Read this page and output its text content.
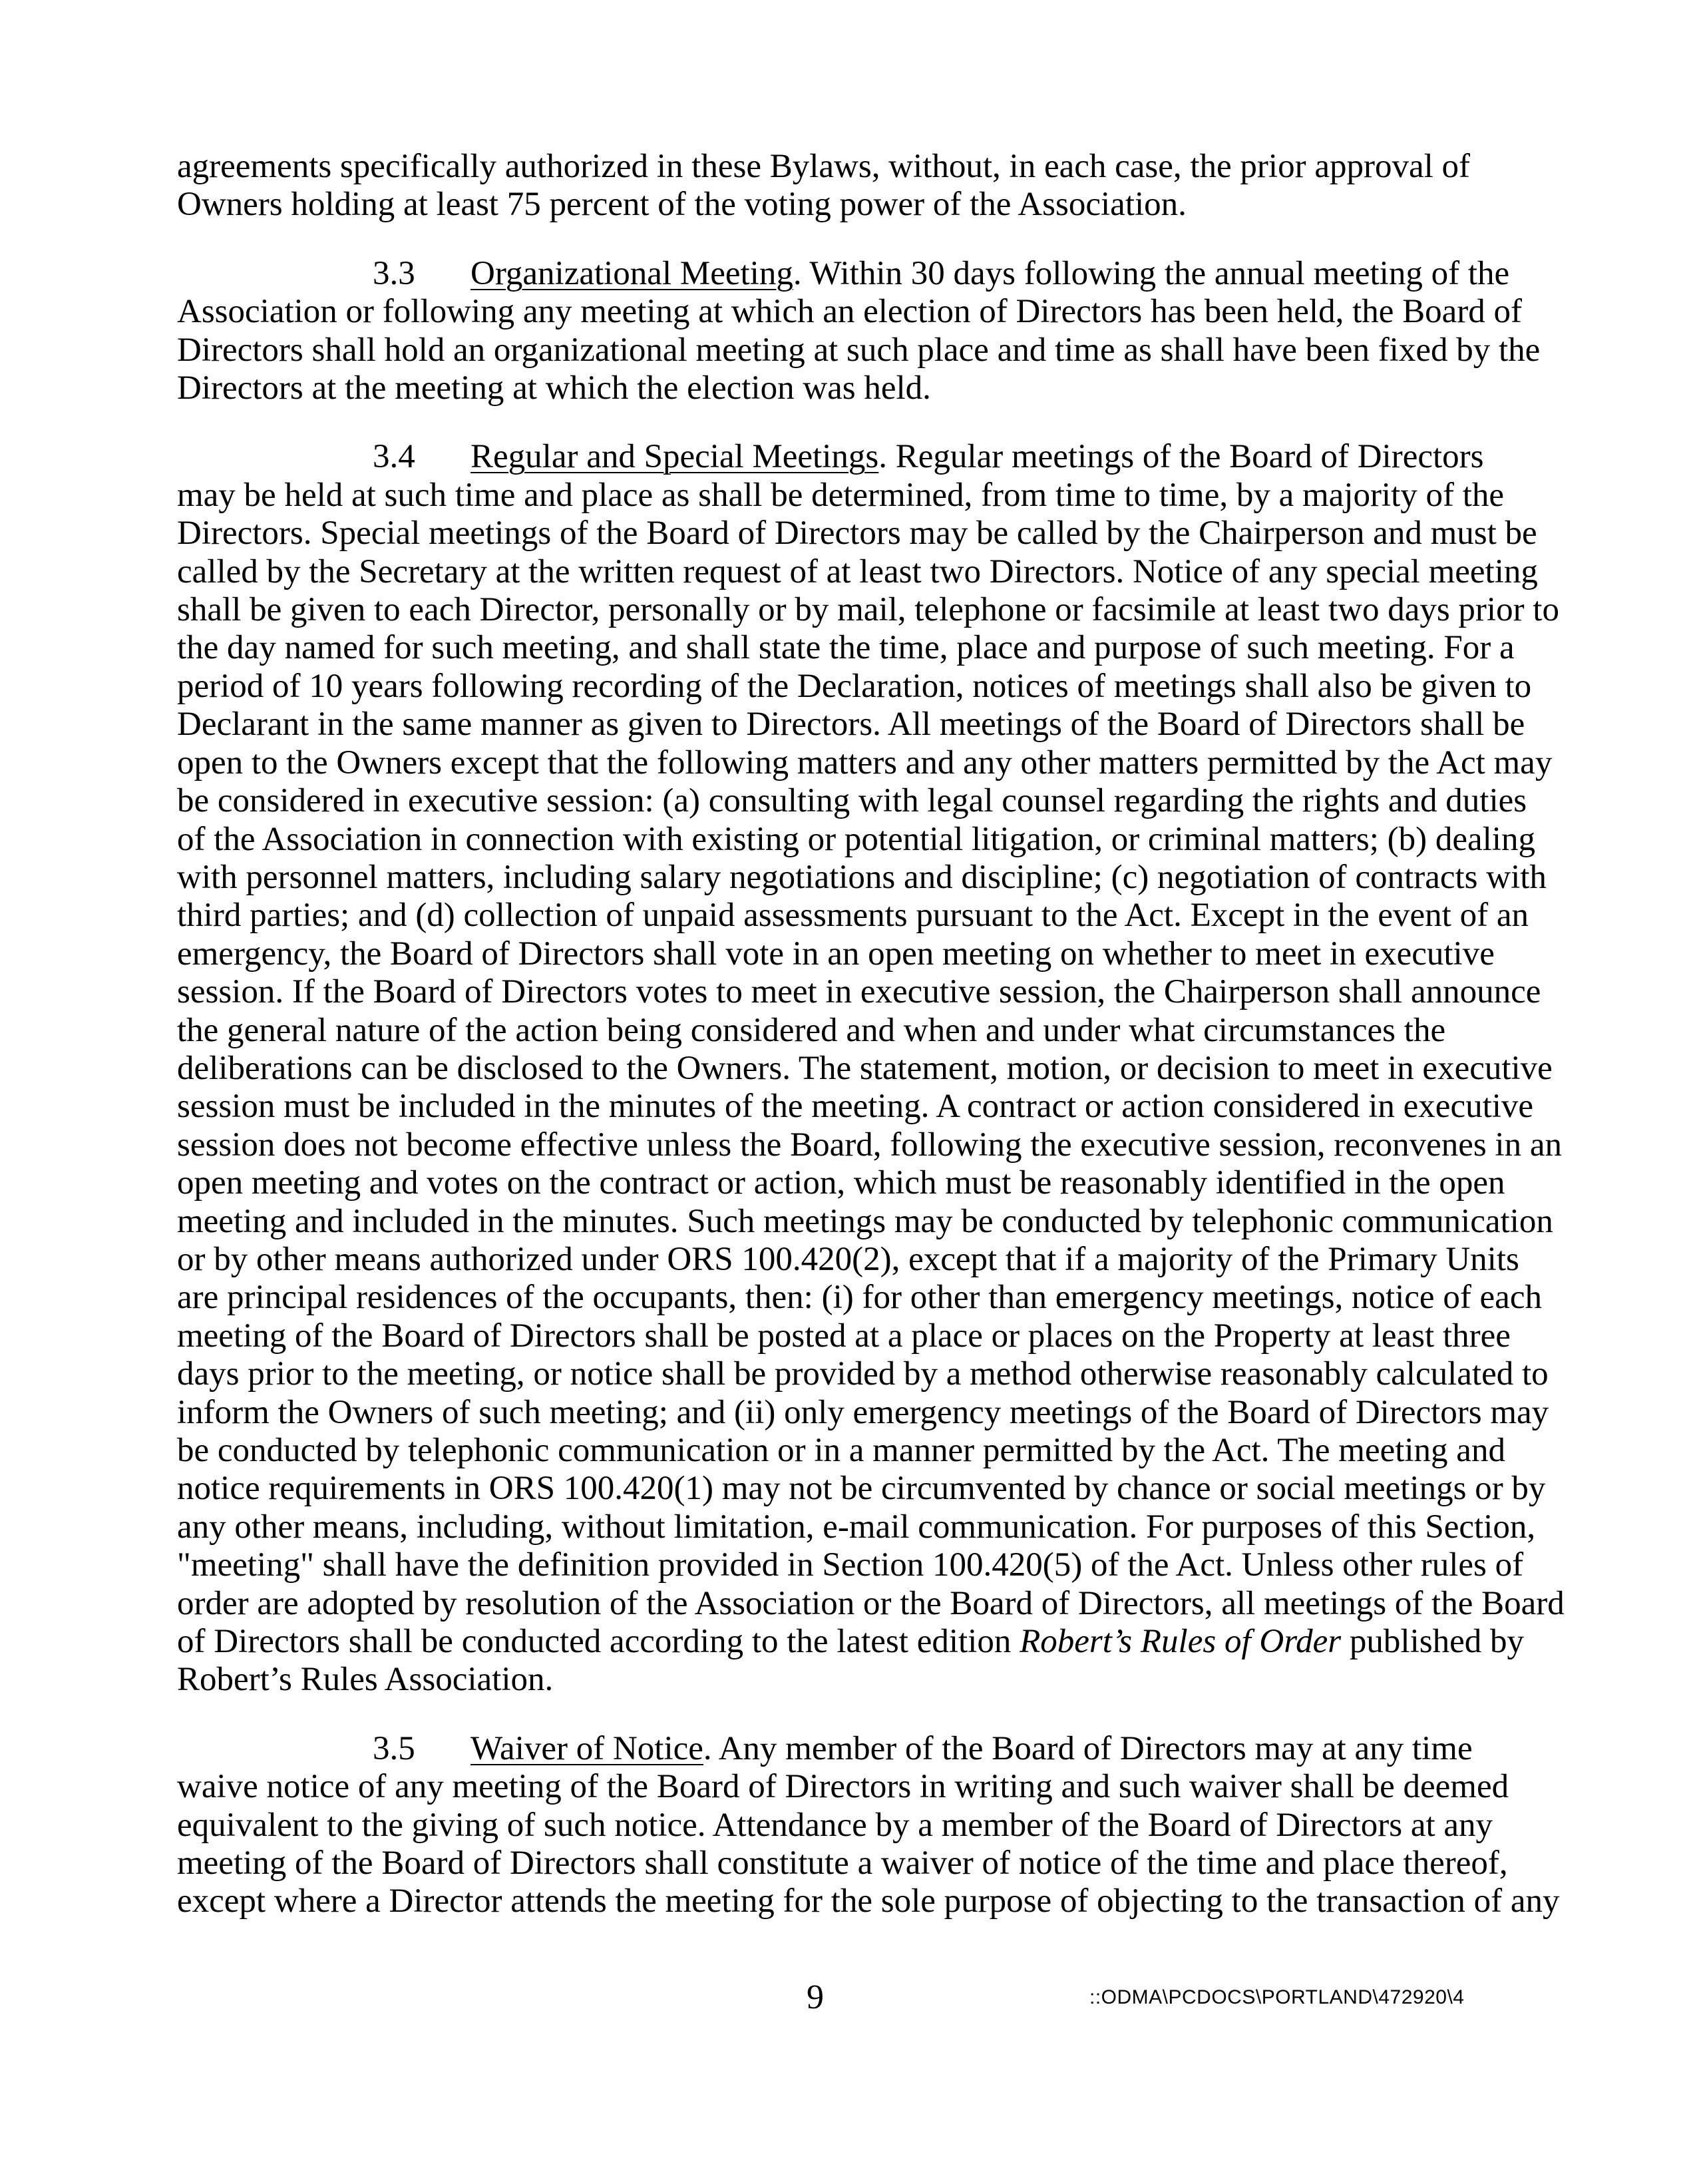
agreements specifically authorized in these Bylaws, without, in each case, the prior approval of
Owners holding at least 75 percent of the voting power of the Association.
3.3 Organizational Meeting. Within 30 days following the annual meeting of the
Association or following any meeting at which an election of Directors has been held, the Board of
Directors shall hold an organizational meeting at such place and time as shall have been fixed by the
Directors at the meeting at which the election was held.
3.4 Regular and Special Meetings. Regular meetings of the Board of Directors
may be held at such time and place as shall be determined, from time to time, by a majority of the
Directors. Special meetings of the Board of Directors may be called by the Chairperson and must be
called by the Secretary at the written request of at least two Directors. Notice of any special meeting
shall be given to each Director, personally or by mail, telephone or facsimile at least two days prior to
the day named for such meeting, and shall state the time, place and purpose of such meeting. For a
period of 10 years following recording of the Declaration, notices of meetings shall also be given to
Declarant in the same manner as given to Directors. All meetings of the Board of Directors shall be
open to the Owners except that the following matters and any other matters permitted by the Act may
be considered in executive session: (a) consulting with legal counsel regarding the rights and duties
of the Association in connection with existing or potential litigation, or criminal matters; (b) dealing
with personnel matters, including salary negotiations and discipline; (c) negotiation of contracts with
third parties; and (d) collection of unpaid assessments pursuant to the Act. Except in the event of an
emergency, the Board of Directors shall vote in an open meeting on whether to meet in executive
session. If the Board of Directors votes to meet in executive session, the Chairperson shall announce
the general nature of the action being considered and when and under what circumstances the
deliberations can be disclosed to the Owners. The statement, motion, or decision to meet in executive
session must be included in the minutes of the meeting. A contract or action considered in executive
session does not become effective unless the Board, following the executive session, reconvenes in an
open meeting and votes on the contract or action, which must be reasonably identified in the open
meeting and included in the minutes. Such meetings may be conducted by telephonic communication
or by other means authorized under ORS 100.420(2), except that if a majority of the Primary Units
are principal residences of the occupants, then: (i) for other than emergency meetings, notice of each
meeting of the Board of Directors shall be posted at a place or places on the Property at least three
days prior to the meeting, or notice shall be provided by a method otherwise reasonably calculated to
inform the Owners of such meeting; and (ii) only emergency meetings of the Board of Directors may
be conducted by telephonic communication or in a manner permitted by the Act. The meeting and
notice requirements in ORS 100.420(1) may not be circumvented by chance or social meetings or by
any other means, including, without limitation, e-mail communication. For purposes of this Section,
"meeting" shall have the definition provided in Section 100.420(5) of the Act. Unless other rules of
order are adopted by resolution of the Association or the Board of Directors, all meetings of the Board
of Directors shall be conducted according to the latest edition Robert’s Rules of Order published by
Robert’s Rules Association.
3.5 Waiver of Notice. Any member of the Board of Directors may at any time
waive notice of any meeting of the Board of Directors in writing and such waiver shall be deemed
equivalent to the giving of such notice. Attendance by a member of the Board of Directors at any
meeting of the Board of Directors shall constitute a waiver of notice of the time and place thereof,
except where a Director attends the meeting for the sole purpose of objecting to the transaction of any
9	::ODMA\PCDOCS\PORTLAND\472920\4
